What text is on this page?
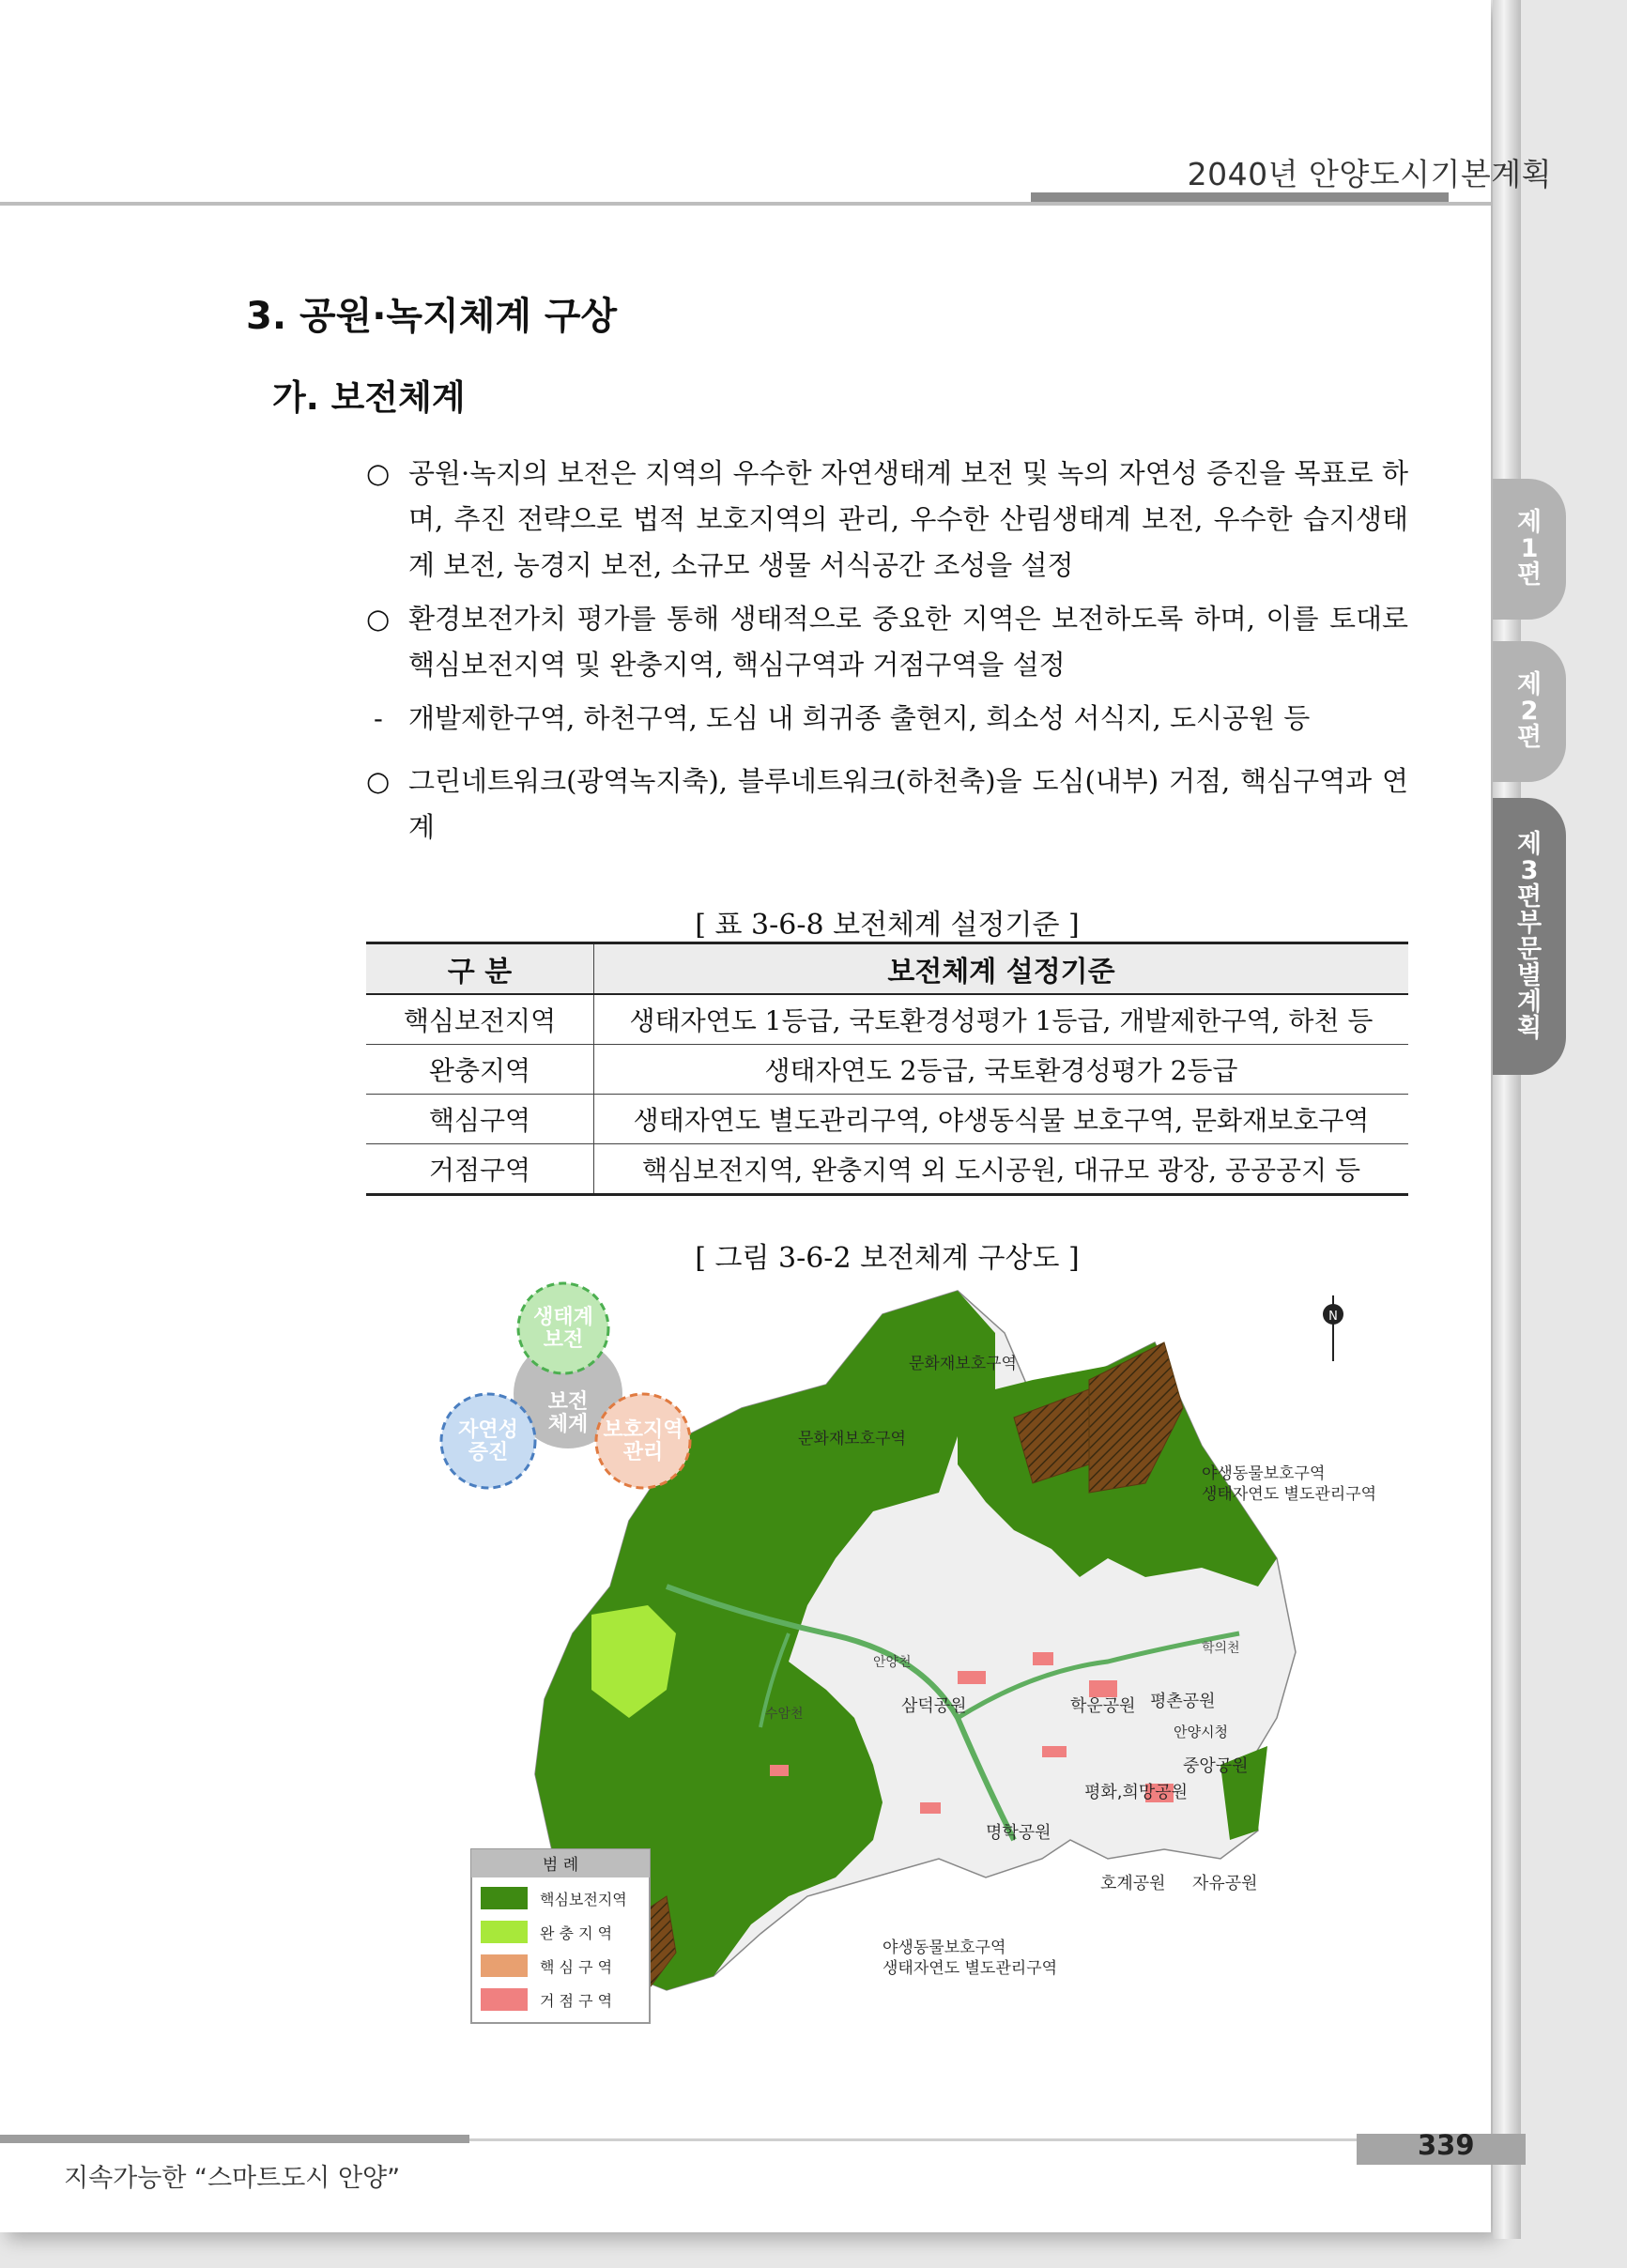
2040년 안양도시기본계획
3. 공원·녹지체계 구상
가. 보전체계
○ 공원·녹지의 보전은 지역의 우수한 자연생태계 보전 및 녹의 자연성 증진을 목표로 하며, 추진 전략으로 법적 보호지역의 관리, 우수한 산림생태계 보전, 우수한 습지생태계 보전, 농경지 보전, 소규모 생물 서식공간 조성을 설정
○ 환경보전가치 평가를 통해 생태적으로 중요한 지역은 보전하도록 하며, 이를 토대로 핵심보전지역 및 완충지역, 핵심구역과 거점구역을 설정
- 개발제한구역, 하천구역, 도심 내 희귀종 출현지, 희소성 서식지, 도시공원 등
○ 그린네트워크(광역녹지축), 블루네트워크(하천축)을 도심(내부) 거점, 핵심구역과 연계
제1편
제2편
제3편 부문별 계획
[ 표 3-6-8 보전체계 설정기준 ]
구 분	보전체계 설정기준
핵심보전지역	생태자연도 1등급, 국토환경성평가 1등급, 개발제한구역, 하천 등
완충지역	생태자연도 2등급, 국토환경성평가 2등급
핵심구역	생태자연도 별도관리구역, 야생동식물 보호구역, 문화재보호구역
거점구역	핵심보전지역, 완충지역 외 도시공원, 대규모 광장, 공공공지 등
[ 그림 3-6-2 보전체계 구상도 ]
생태계 보전
보전 체계
자연성 증진
보호지역 관리
N
문화재보호구역
문화재보호구역
야생동물보호구역 생태자연도 별도관리구역
야생동물보호구역 생태자연도 별도관리구역
삼덕공원	학운공원 평촌공원
안양시청
중앙공원
평화,희망공원
명학공원
호계공원 자유공원
안양천
학의천
수암천
범 례
핵심보전지역
완 충 지 역
핵 심 구 역
거 점 구 역
지속가능한 “스마트도시 안양”
339
